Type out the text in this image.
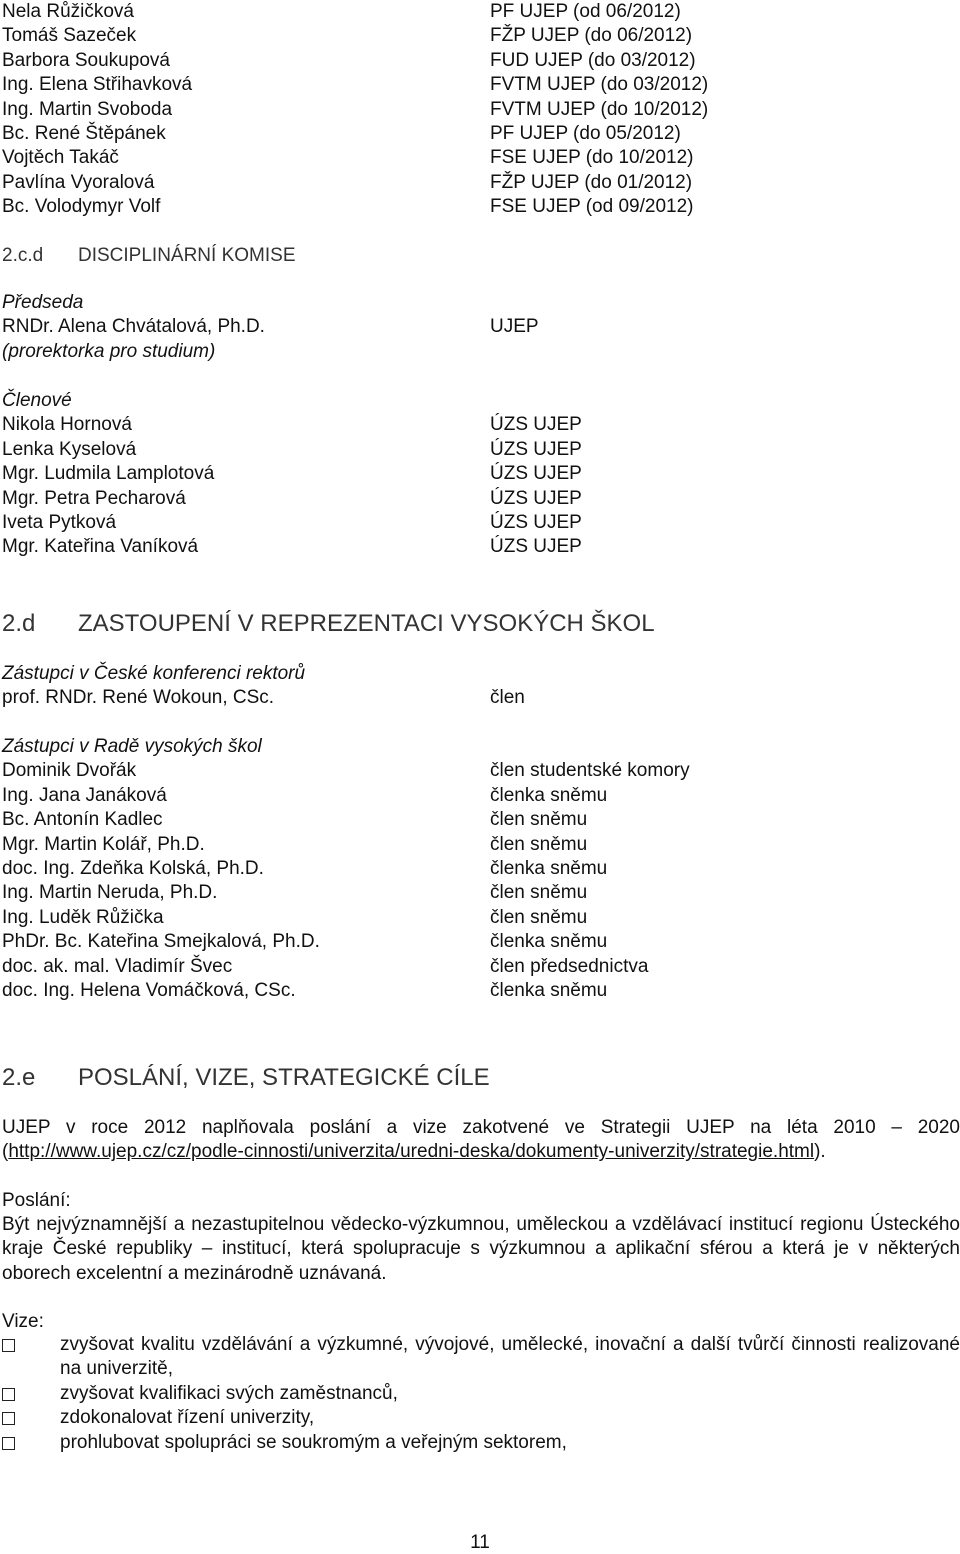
Nela Růžičková	PF UJEP (od 06/2012)
Tomáš Sazeček	FŽP UJEP (do 06/2012)
Barbora Soukupová	FUD UJEP (do 03/2012)
Ing. Elena Střihavková	FVTM UJEP (do 03/2012)
Ing. Martin Svoboda	FVTM UJEP (do 10/2012)
Bc. René Štěpánek	PF UJEP (do 05/2012)
Vojtěch Takáč	FSE UJEP (do 10/2012)
Pavlína Vyoralová	FŽP UJEP (do 01/2012)
Bc. Volodymyr Volf	FSE UJEP (od 09/2012)
2.c.d	DISCIPLINÁRNÍ KOMISE
Předseda
RNDr. Alena Chvátalová, Ph.D.	UJEP
(prorektorka pro studium)
Členové
Nikola Hornová	ÚZS UJEP
Lenka Kyselová	ÚZS UJEP
Mgr. Ludmila Lamplotová	ÚZS UJEP
Mgr. Petra Pecharová	ÚZS UJEP
Iveta Pytková	ÚZS UJEP
Mgr. Kateřina Vaníková	ÚZS UJEP
2.d	ZASTOUPENÍ V REPREZENTACI VYSOKÝCH ŠKOL
Zástupci v České konferenci rektorů
prof. RNDr. René Wokoun, CSc.	člen
Zástupci v Radě vysokých škol
Dominik Dvořák	člen studentské komory
Ing. Jana Janáková	členka sněmu
Bc. Antonín Kadlec	člen sněmu
Mgr. Martin Kolář, Ph.D.	člen sněmu
doc. Ing. Zdeňka Kolská, Ph.D.	členka sněmu
Ing. Martin Neruda, Ph.D.	člen sněmu
Ing. Luděk Růžička	člen sněmu
PhDr. Bc. Kateřina Smejkalová, Ph.D.	členka sněmu
doc. ak. mal. Vladimír Švec	člen předsednictva
doc. Ing. Helena Vomáčková, CSc.	členka sněmu
2.e	POSLÁNÍ, VIZE, STRATEGICKÉ CÍLE
UJEP v roce 2012 naplňovala poslání a vize zakotvené ve Strategii UJEP na léta 2010 – 2020 (http://www.ujep.cz/cz/podle-cinnosti/univerzita/uredni-deska/dokumenty-univerzity/strategie.html).
Poslání:
Být nejvýznamnější a nezastupitelnou vědecko-výzkumnou, uměleckou a vzdělávací institucí regionu Ústeckého kraje České republiky – institucí, která spolupracuje s výzkumnou a aplikační sférou a která je v některých oborech excelentní a mezinárodně uznávaná.
Vize:
zvyšovat kvalitu vzdělávání a výzkumné, vývojové, umělecké, inovační a další tvůrčí činnosti realizované na univerzitě,
zvyšovat kvalifikaci svých zaměstnanců,
zdokonalovat řízení univerzity,
prohlubovat spolupráci se soukromým a veřejným sektorem,
11
